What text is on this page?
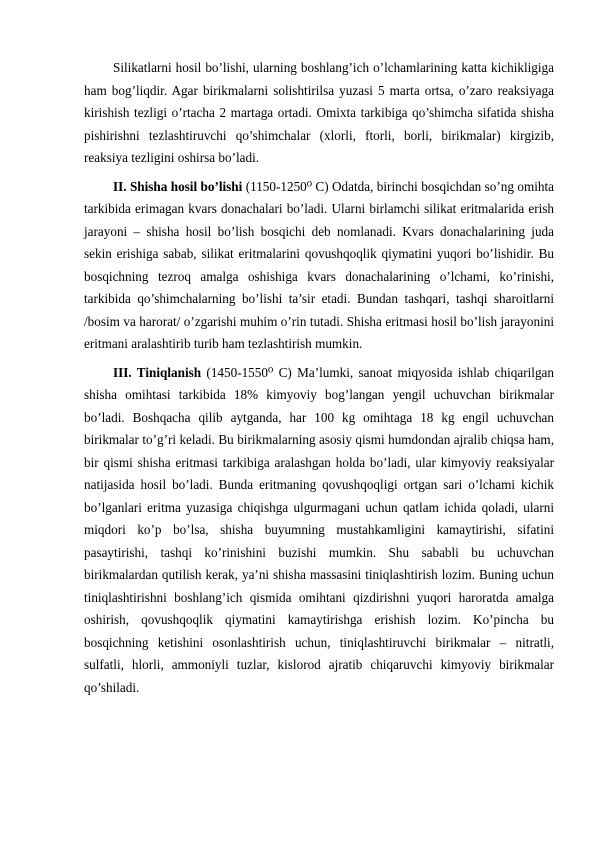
Silikatlarni hosil bo’lishi, ularning boshlang’ich o’lchamlarining katta kichikligiga ham bog’liqdir. Agar birikmalarni solishtirilsa yuzasi 5 marta ortsa, o’zaro reaksiyaga kirishish tezligi o’rtacha 2 martaga ortadi. Omixta tarkibiga qo’shimcha sifatida shisha pishirishni tezlashtiruvchi qo’shimchalar (xlorli, ftorli, borli, birikmalar) kirgizib, reaksiya tezligini oshirsa bo’ladi.

II. Shisha hosil bo’lishi (1150-1250⁰ C) Odatda, birinchi bosqichdan so’ng omihta tarkibida erimagan kvars donachalari bo’ladi. Ularni birlamchi silikat eritmalarida erish jarayoni – shisha hosil bo’lish bosqichi deb nomlanadi. Kvars donachalarining juda sekin erishiga sabab, silikat eritmalarini qovushqoqlik qiymatini yuqori bo’lishidir. Bu bosqichning tezroq amalga oshishiga kvars donachalarining o’lchami, ko’rinishi, tarkibida qo’shimchalarning bo’lishi ta’sir etadi. Bundan tashqari, tashqi sharoitlarni /bosim va harorat/ o’zgarishi muhim o’rin tutadi. Shisha eritmasi hosil bo’lish jarayonini eritmani aralashtirib turib ham tezlashtirish mumkin.

III. Tiniqlanish (1450-1550⁰ C) Ma’lumki, sanoat miqyosida ishlab chiqarilgan shisha omihtasi tarkibida 18% kimyoviy bog’langan yengil uchuvchan birikmalar bo’ladi. Boshqacha qilib aytganda, har 100 kg omihtaga 18 kg engil uchuvchan birikmalar to’g’ri keladi. Bu birikmalarning asosiy qismi humdondan ajralib chiqsa ham, bir qismi shisha eritmasi tarkibiga aralashgan holda bo’ladi, ular kimyoviy reaksiyalar natijasida hosil bo’ladi. Bunda eritmaning qovushqoqligi ortgan sari o’lchami kichik bo’lganlari eritma yuzasiga chiqishga ulgurmagani uchun qatlam ichida qoladi, ularni miqdori ko’p bo’lsa, shisha buyumning mustahkamligini kamaytirishi, sifatini pasaytirishi, tashqi ko’rinishini buzishi mumkin. Shu sababli bu uchuvchan birikmalardan qutilish kerak, ya’ni shisha massasini tiniqlashtirish lozim. Buning uchun tiniqlashtirishni boshlang’ich qismida omihtani qizdirishni yuqori haroratda amalga oshirish, qovushqoqlik qiymatini kamaytirishga erishish lozim. Ko’pincha bu bosqichning ketishini osonlashtirish uchun, tiniqlashtiruvchi birikmalar – nitratli, sulfatli, hlorli, ammoniyli tuzlar, kislorod ajratib chiqaruvchi kimyoviy birikmalar qo’shiladi.
